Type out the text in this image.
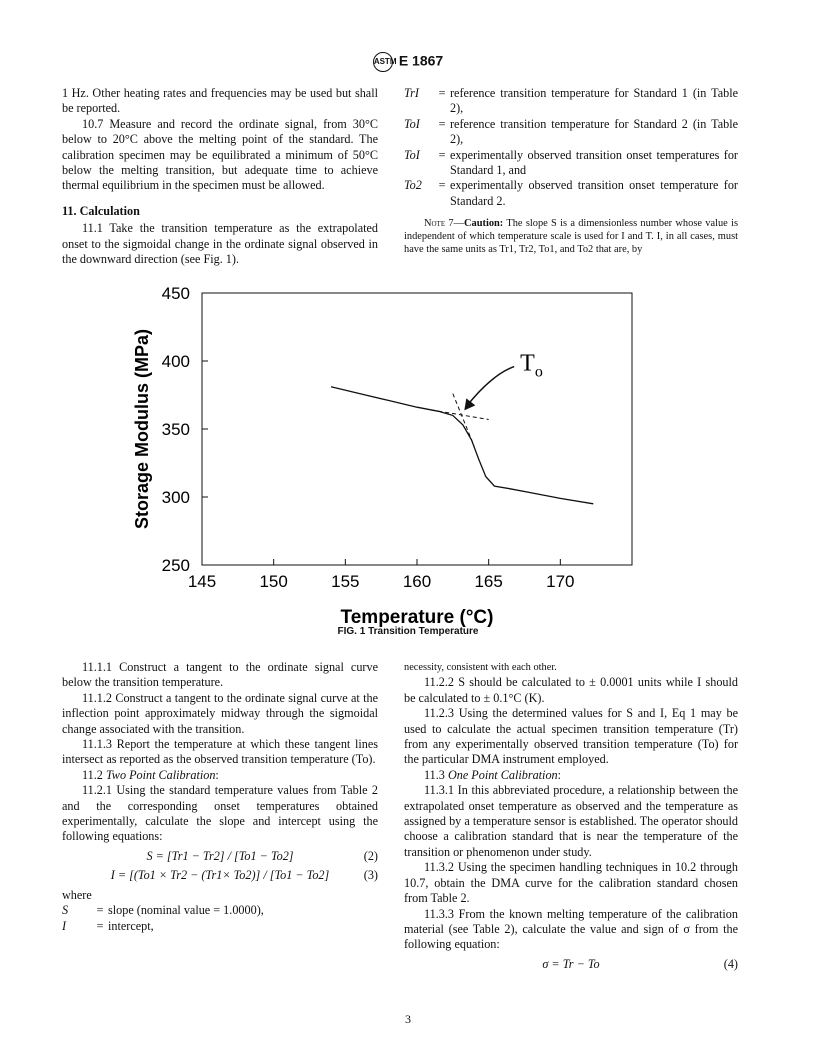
ASTM E 1867

1 Hz. Other heating rates and frequencies may be used but shall be reported.

10.7 Measure and record the ordinate signal, from 30°C below to 20°C above the melting point of the standard. The calibration specimen may be equilibrated a minimum of 50°C below the melting transition, but adequate time to achieve thermal equilibrium in the specimen must be allowed.

11. Calculation

11.1 Take the transition temperature as the extrapolated onset to the sigmoidal change in the ordinate signal observed in the downward direction (see Fig. 1).

TrI	= reference transition temperature for Standard 1 (in Table 2),
ToI	= reference transition temperature for Standard 2 (in Table 2),
ToI	= experimentally observed transition onset temperatures for Standard 1, and
To2	= experimentally observed transition onset temperature for Standard 2.

Note 7—Caution: The slope S is a dimensionless number whose value is independent of which temperature scale is used for I and T. I, in all cases, must have the same units as Tr1, Tr2, To1, and To2 that are, by

450
400
350
300
250
145	150	155	160	165	170
$T_o$
Temperature (°C)
Storage Modulus (MPa)
FIG. 1 Transition Temperature

11.1.1 Construct a tangent to the ordinate signal curve below the transition temperature.

11.1.2 Construct a tangent to the ordinate signal curve at the inflection point approximately midway through the sigmoidal change associated with the transition.

11.1.3 Report the temperature at which these tangent lines intersect as reported as the observed transition temperature (To).

11.2 Two Point Calibration:

11.2.1 Using the standard temperature values from Table 2 and the corresponding onset temperatures obtained experimentally, calculate the slope and intercept using the following equations:

S = [Tr1 − Tr2] / [To1 − To2]	(2)
I = [(To1 × Tr2 − (Tr1× To2)] / [To1 − To2]	(3)

where

S	= slope (nominal value = 1.0000),
I	= intercept,

necessity, consistent with each other.

11.2.2 S should be calculated to ± 0.0001 units while I should be calculated to ± 0.1°C (K).

11.2.3 Using the determined values for S and I, Eq 1 may be used to calculate the actual specimen transition temperature (Tr) from any experimentally observed transition temperature (To) for the particular DMA instrument employed.

11.3 One Point Calibration:

11.3.1 In this abbreviated procedure, a relationship between the extrapolated onset temperature as observed and the temperature as assigned by a temperature sensor is established. The operator should choose a calibration standard that is near the temperature of the transition or phenomenon under study.

11.3.2 Using the specimen handling techniques in 10.2 through 10.7, obtain the DMA curve for the calibration standard chosen from Table 2.

11.3.3 From the known melting temperature of the calibration material (see Table 2), calculate the value and sign of σ from the following equation:

σ = Tr − To	(4)
3
